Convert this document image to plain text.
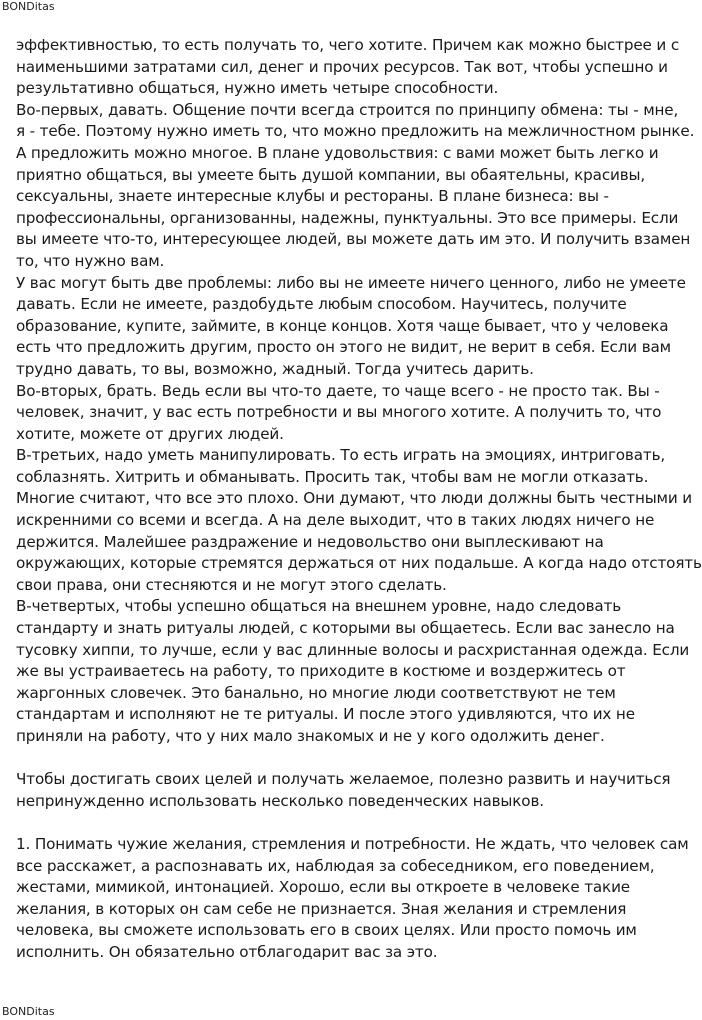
BONDitas
эффективностью, то есть получать то, чего хотите. Причем как можно быстрее и с
наименьшими затратами сил, денег и прочих ресурсов. Так вот, чтобы успешно и
результативно общаться, нужно иметь четыре способности.
Во-первых, давать. Общение почти всегда строится по принципу обмена: ты - мне,
я - тебе. Поэтому нужно иметь то, что можно предложить на межличностном рынке.
А предложить можно многое. В плане удовольствия: с вами может быть легко и
приятно общаться, вы умеете быть душой компании, вы обаятельны, красивы,
сексуальны, знаете интересные клубы и рестораны. В плане бизнеса: вы -
профессиональны, организованны, надежны, пунктуальны. Это все примеры. Если
вы имеете что-то, интересующее людей, вы можете дать им это. И получить взамен
то, что нужно вам.
У вас могут быть две проблемы: либо вы не имеете ничего ценного, либо не умеете
давать. Если не имеете, раздобудьте любым способом. Научитесь, получите
образование, купите, займите, в конце концов. Хотя чаще бывает, что у человека
есть что предложить другим, просто он этого не видит, не верит в себя. Если вам
трудно давать, то вы, возможно, жадный. Тогда учитесь дарить.
Во-вторых, брать. Ведь если вы что-то даете, то чаще всего - не просто так. Вы -
человек, значит, у вас есть потребности и вы многого хотите. А получить то, что
хотите, можете от других людей.
В-третьих, надо уметь манипулировать. То есть играть на эмоциях, интриговать,
соблазнять. Хитрить и обманывать. Просить так, чтобы вам не могли отказать.
Многие считают, что все это плохо. Они думают, что люди должны быть честными и
искренними со всеми и всегда. А на деле выходит, что в таких людях ничего не
держится. Малейшее раздражение и недовольство они выплескивают на
окружающих, которые стремятся держаться от них подальше. А когда надо отстоять
свои права, они стесняются и не могут этого сделать.
В-четвертых, чтобы успешно общаться на внешнем уровне, надо следовать
стандарту и знать ритуалы людей, с которыми вы общаетесь. Если вас занесло на
тусовку хиппи, то лучше, если у вас длинные волосы и расхристанная одежда. Если
же вы устраиваетесь на работу, то приходите в костюме и воздержитесь от
жаргонных словечек. Это банально, но многие люди соответствуют не тем
стандартам и исполняют не те ритуалы. И после этого удивляются, что их не
приняли на работу, что у них мало знакомых и не у кого одолжить денег.
Чтобы достигать своих целей и получать желаемое, полезно развить и научиться
непринужденно использовать несколько поведенческих навыков.
1. Понимать чужие желания, стремления и потребности. Не ждать, что человек сам
все расскажет, а распознавать их, наблюдая за собеседником, его поведением,
жестами, мимикой, интонацией. Хорошо, если вы откроете в человеке такие
желания, в которых он сам себе не признается. Зная желания и стремления
человека, вы сможете использовать его в своих целях. Или просто помочь им
исполнить. Он обязательно отблагодарит вас за это.
BONDitas
